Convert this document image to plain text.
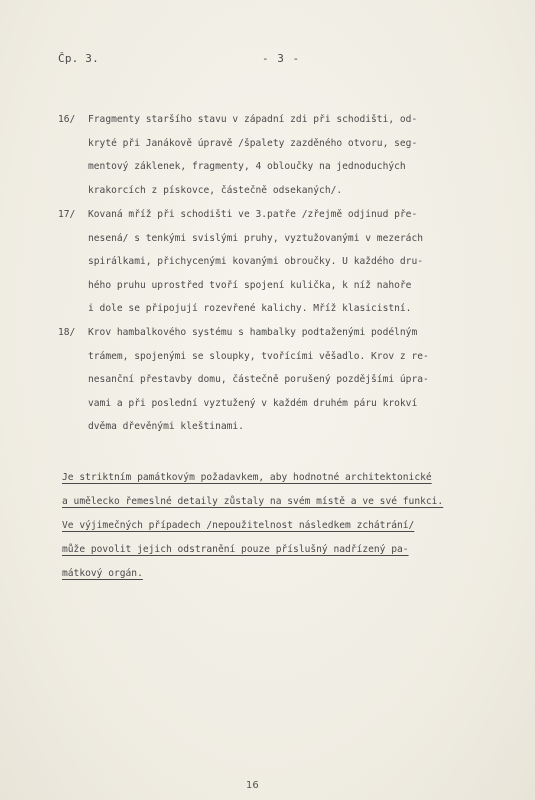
Čp. 3.	- 3 -
16/ Fragmenty staršího stavu v západní zdi při schodišti, od-
kryté při Janákově úpravě /špalety zazděného otvoru, seg-
mentový záklenek, fragmenty, 4 obloučky na jednoduchých
krakorcích z pískovce, částečně odsekaných/.
17/ Kovaná mříž při schodišti ve 3.patře /zřejmě odjinud pře-
nesená/ s tenkými svislými pruhy, vyztužovanými v mezerách
spirálkami, přichycenými kovanými obroučky. U každého dru-
hého pruhu uprostřed tvoří spojení kulička, k níž nahoře
i dole se připojují rozevřené kalichy. Mříž klasicistní.
18/ Krov hambalkového systému s hambalky podtaženými podélným
trámem, spojenými se sloupky, tvořícími věšadlo. Krov z re-
nesanční přestavby domu, částečně porušený pozdějšími úpra-
vami a při poslední vyztužený v každém druhém páru krokví
dvěma dřevěnými kleštinami.
Je striktním památkovým požadavkem, aby hodnotné architektonické
a umělecko řemeslné detaily zůstaly na svém místě a ve své funkci.
Ve výjimečných případech /nepoužitelnost následkem zchátrání/
může povolit jejich odstranění pouze příslušný nadřízený pa-
mátkový orgán.
16
